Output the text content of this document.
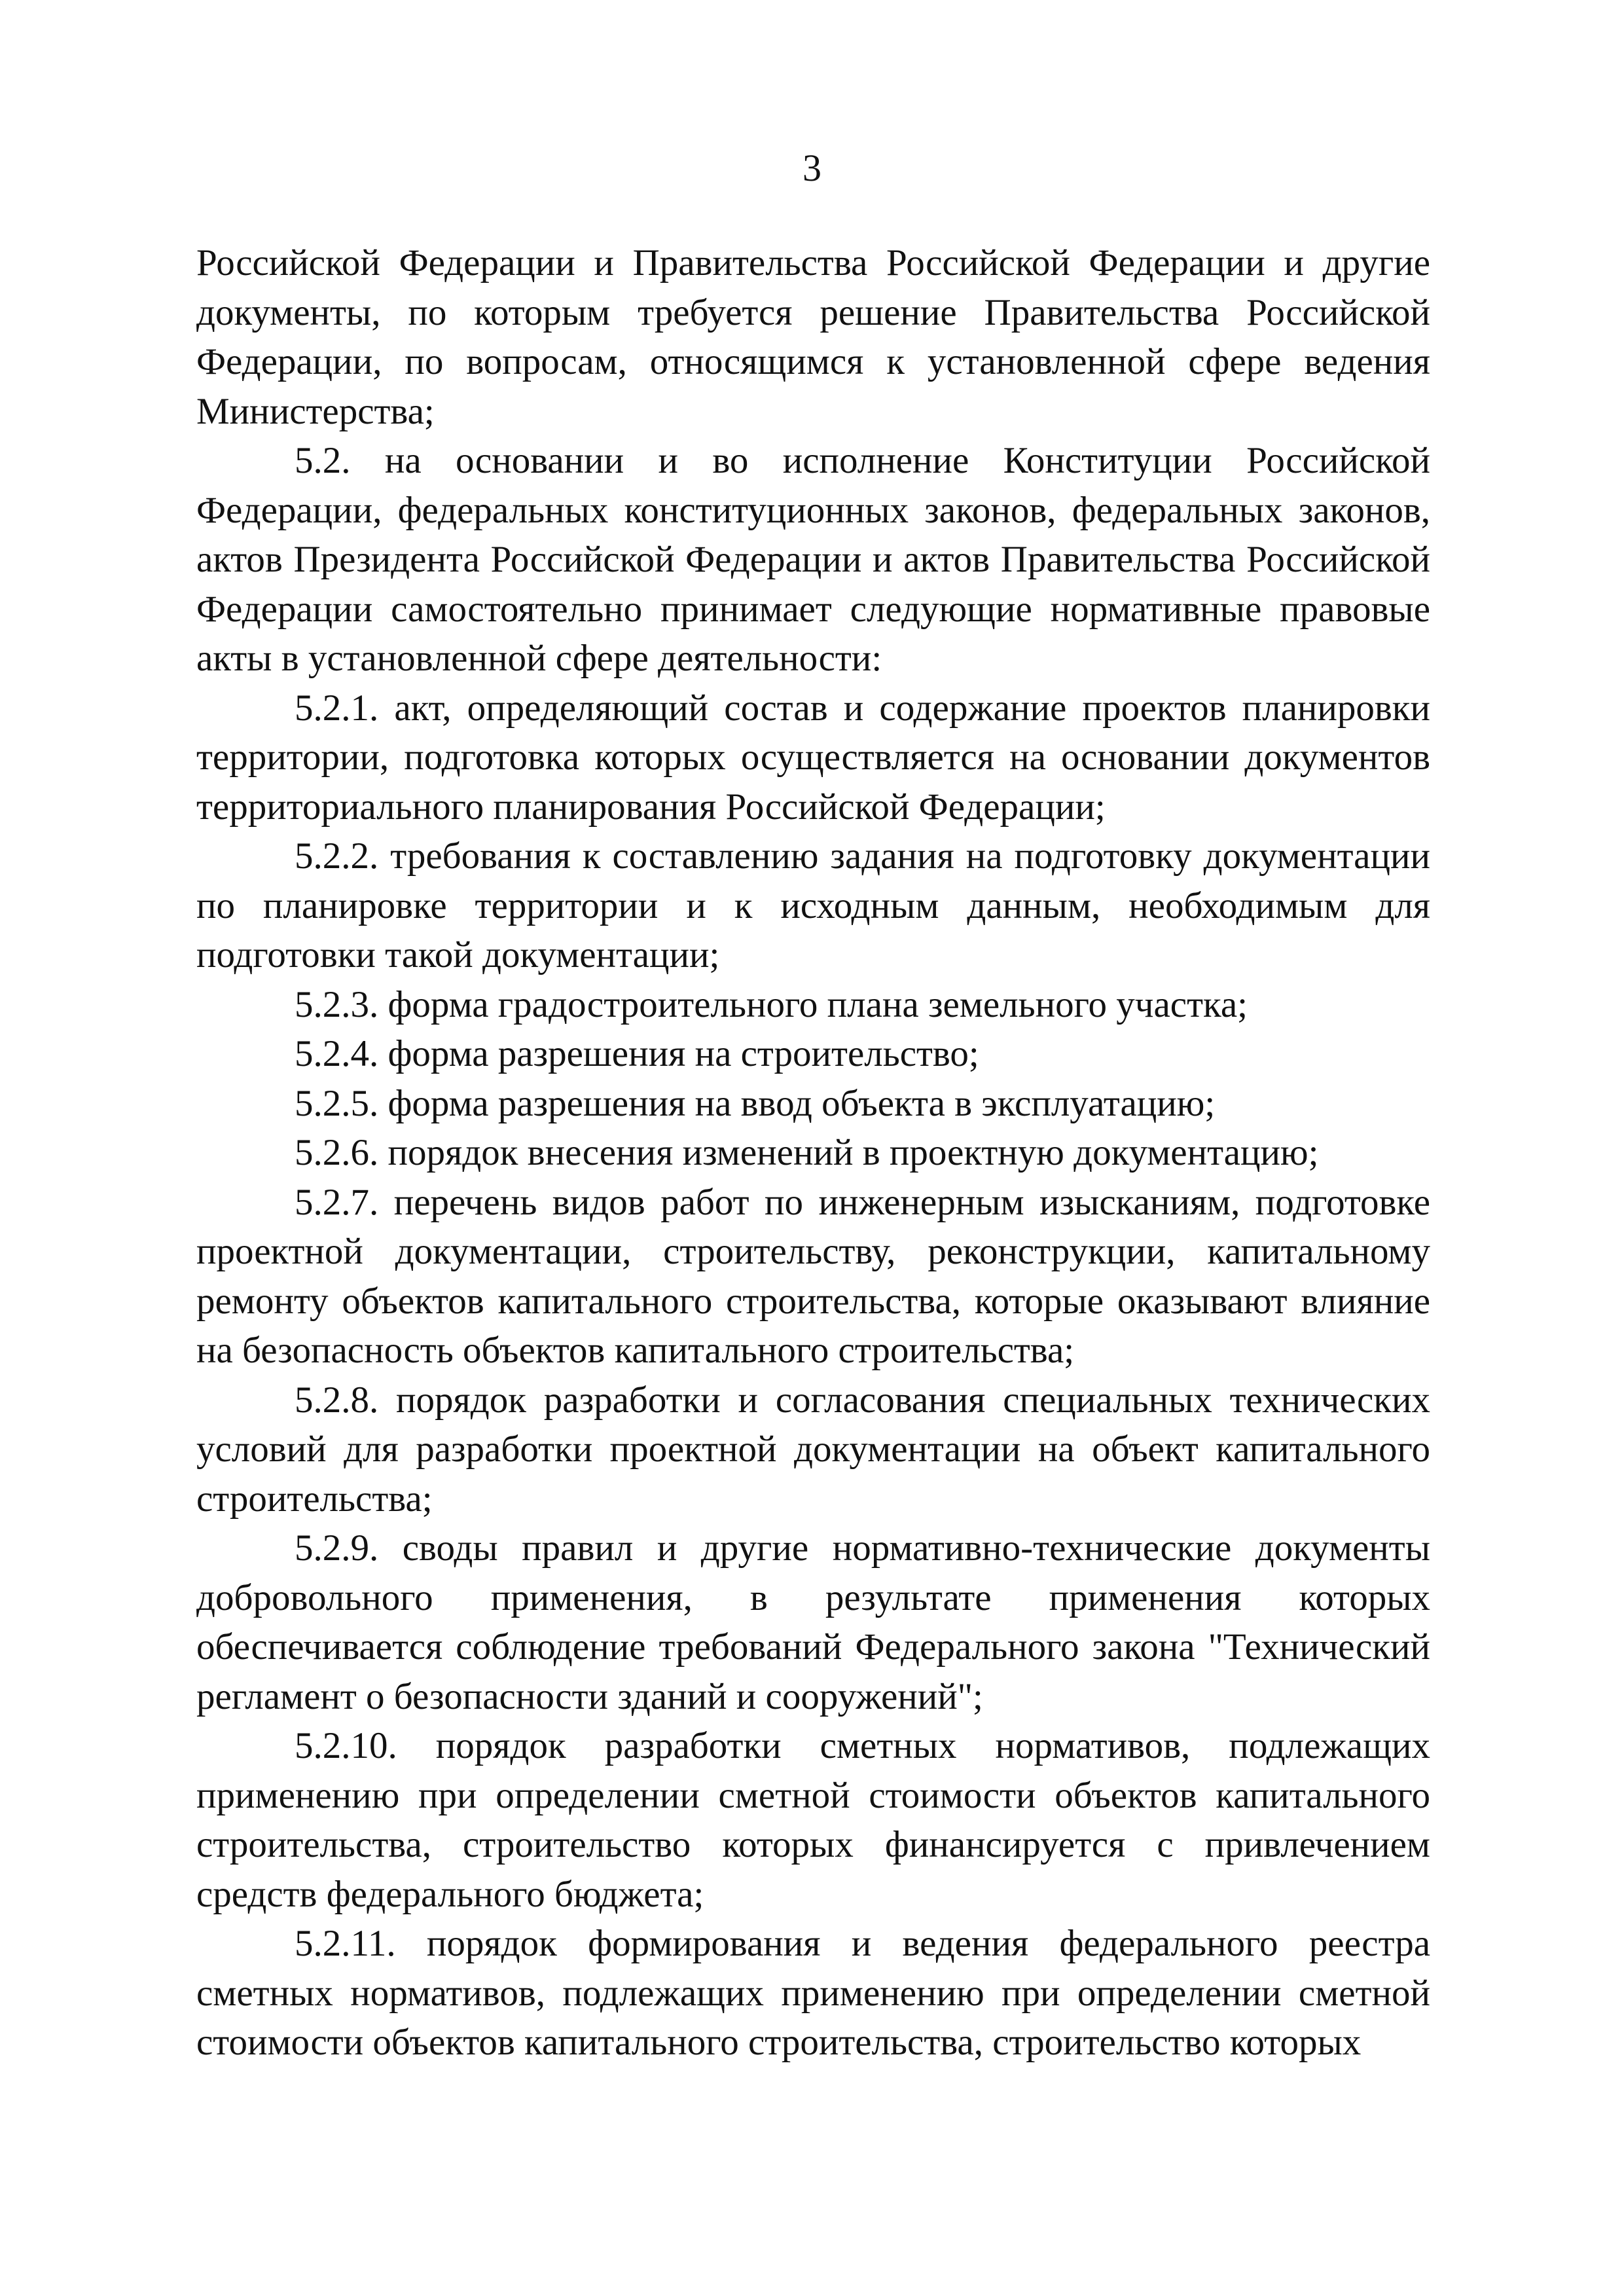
3

Российской Федерации и Правительства Российской Федерации и другие документы, по которым требуется решение Правительства Российской Федерации, по вопросам, относящимся к установленной сфере ведения Министерства;

5.2. на основании и во исполнение Конституции Российской Федерации, федеральных конституционных законов, федеральных законов, актов Президента Российской Федерации и актов Правительства Российской Федерации самостоятельно принимает следующие нормативные правовые акты в установленной сфере деятельности:

5.2.1. акт, определяющий состав и содержание проектов планировки территории, подготовка которых осуществляется на основании документов территориального планирования Российской Федерации;

5.2.2. требования к составлению задания на подготовку документации по планировке территории и к исходным данным, необходимым для подготовки такой документации;

5.2.3. форма градостроительного плана земельного участка;

5.2.4. форма разрешения на строительство;

5.2.5. форма разрешения на ввод объекта в эксплуатацию;

5.2.6. порядок внесения изменений в проектную документацию;

5.2.7. перечень видов работ по инженерным изысканиям, подготовке проектной документации, строительству, реконструкции, капитальному ремонту объектов капитального строительства, которые оказывают влияние на безопасность объектов капитального строительства;

5.2.8. порядок разработки и согласования специальных технических условий для разработки проектной документации на объект капитального строительства;

5.2.9. своды правил и другие нормативно-технические документы добровольного применения, в результате применения которых обеспечивается соблюдение требований Федерального закона "Технический регламент о безопасности зданий и сооружений";

5.2.10. порядок разработки сметных нормативов, подлежащих применению при определении сметной стоимости объектов капитального строительства, строительство которых финансируется с привлечением средств федерального бюджета;

5.2.11. порядок формирования и ведения федерального реестра сметных нормативов, подлежащих применению при определении сметной стоимости объектов капитального строительства, строительство которых
